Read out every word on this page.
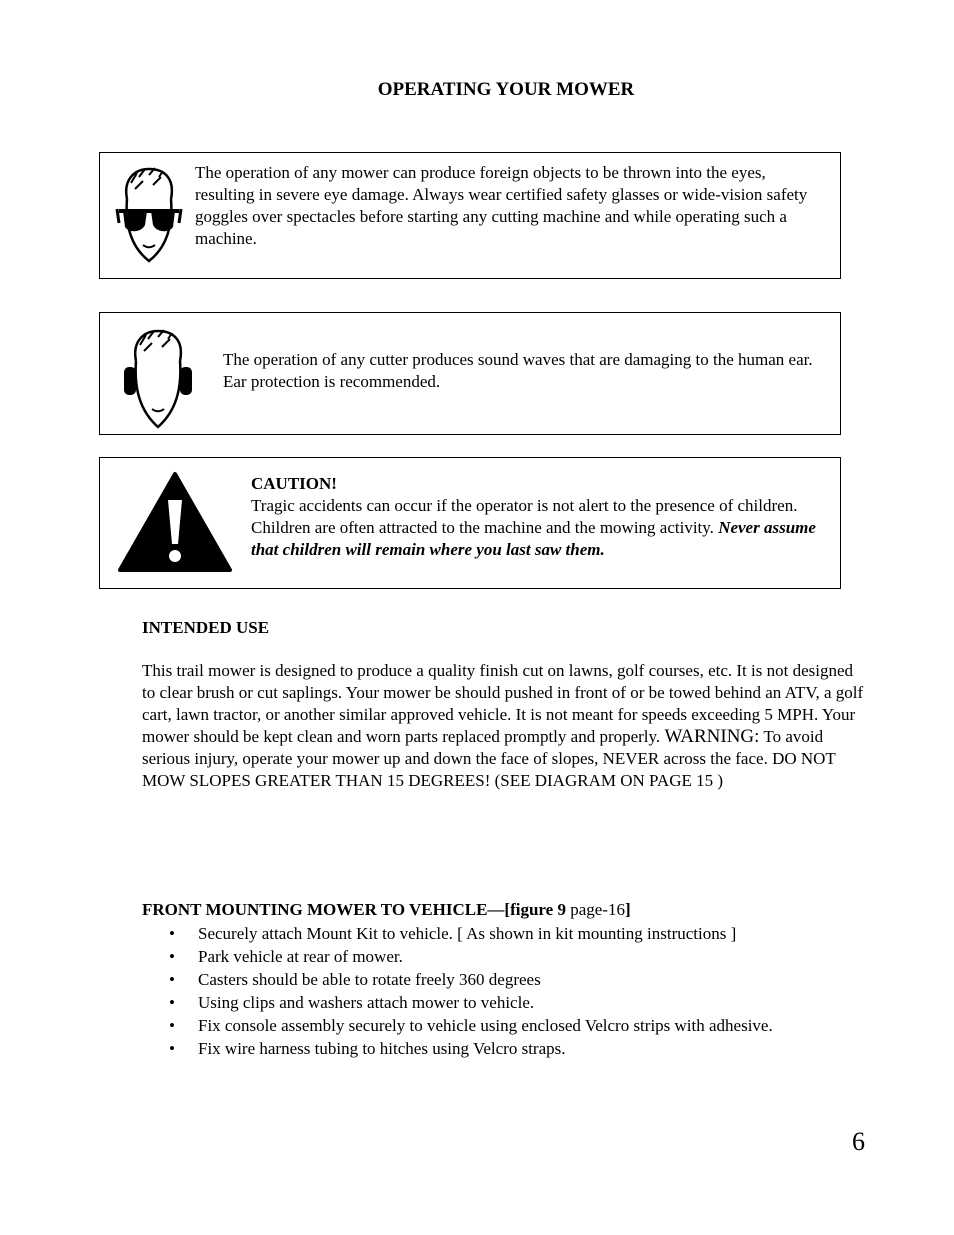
OPERATING YOUR MOWER
The operation of any mower can produce foreign objects to be thrown into the eyes, resulting in severe eye damage. Always wear certified safety glasses or wide-vision safety goggles over spectacles before starting any cutting machine and while operating such a machine.
The operation of any cutter produces sound waves that are damaging to the human ear. Ear protection is recommended.
CAUTION!
Tragic accidents can occur if the operator is not alert to the presence of children. Children are often attracted to the machine and the mowing activity. Never assume that children will remain where you last saw them.
INTENDED USE
This trail mower is designed to produce a quality finish cut on lawns, golf courses, etc. It is not designed to clear brush or cut saplings. Your mower be should pushed in front of or be towed behind an ATV, a golf cart, lawn tractor, or another similar approved vehicle. It is not meant for speeds exceeding 5 MPH. Your mower should be kept clean and worn parts replaced promptly and properly. WARNING: To avoid serious injury, operate your mower up and down the face of slopes, NEVER across the face. DO NOT MOW SLOPES GREATER THAN 15 DEGREES! (SEE DIAGRAM ON PAGE 15 )
FRONT MOUNTING MOWER TO VEHICLE—[figure 9 page-16]
• Securely attach Mount Kit to vehicle. [ As shown in kit mounting instructions ]
• Park vehicle at rear of mower.
• Casters should be able to rotate freely 360 degrees
• Using clips and washers attach mower to vehicle.
• Fix console assembly securely to vehicle using enclosed Velcro strips with adhesive.
• Fix wire harness tubing to hitches using Velcro straps.
6
